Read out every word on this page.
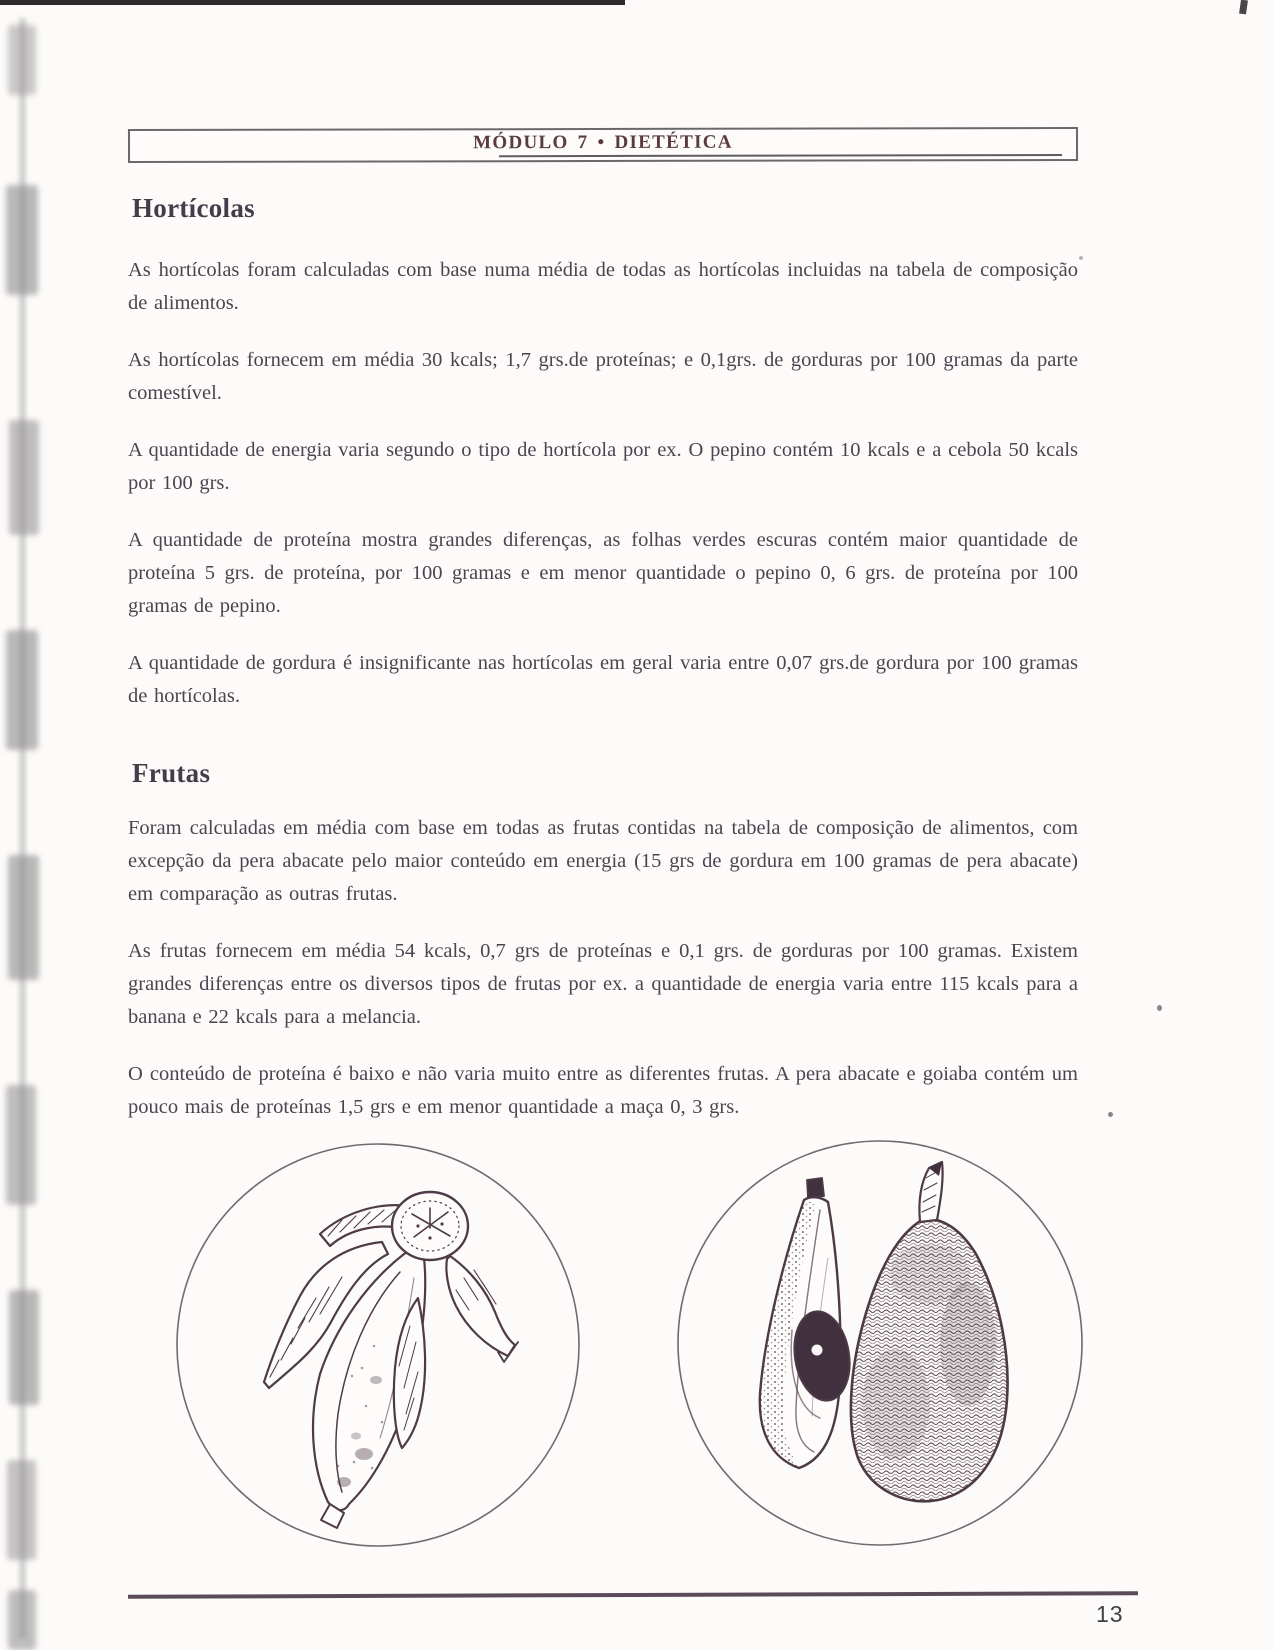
MÓDULO 7 • DIETÉTICA
Hortícolas

As hortícolas foram calculadas com base numa média de todas as hortícolas incluidas na tabela de composição de alimentos.

As hortícolas fornecem em média 30 kcals; 1,7 grs.de proteínas; e 0,1grs. de gorduras por 100 gramas da parte comestível.

A quantidade de energia varia segundo o tipo de hortícola por ex. O pepino contém 10 kcals e a cebola 50 kcals por 100 grs.

A quantidade de proteína mostra grandes diferenças, as folhas verdes escuras contém maior quantidade de proteína 5 grs. de proteína, por 100 gramas e em menor quantidade o pepino 0, 6 grs. de proteína por 100 gramas de pepino.

A quantidade de gordura é insignificante nas hortícolas em geral varia entre 0,07 grs.de gordura por 100 gramas de hortícolas.

Frutas

Foram calculadas em média com base em todas as frutas contidas na tabela de composição de alimentos, com excepção da pera abacate pelo maior conteúdo em energia (15 grs de gordura em 100 gramas de pera abacate) em comparação as outras frutas.

As frutas fornecem em média 54 kcals, 0,7 grs de proteínas e 0,1 grs. de gorduras por 100 gramas. Existem grandes diferenças entre os diversos tipos de frutas por ex. a quantidade de energia varia entre 115 kcals para a banana e 22 kcals para a melancia.

O conteúdo de proteína é baixo e não varia muito entre as diferentes frutas. A pera abacate e goiaba contém um pouco mais de proteínas 1,5 grs e em menor quantidade a maça 0, 3 grs.

13
